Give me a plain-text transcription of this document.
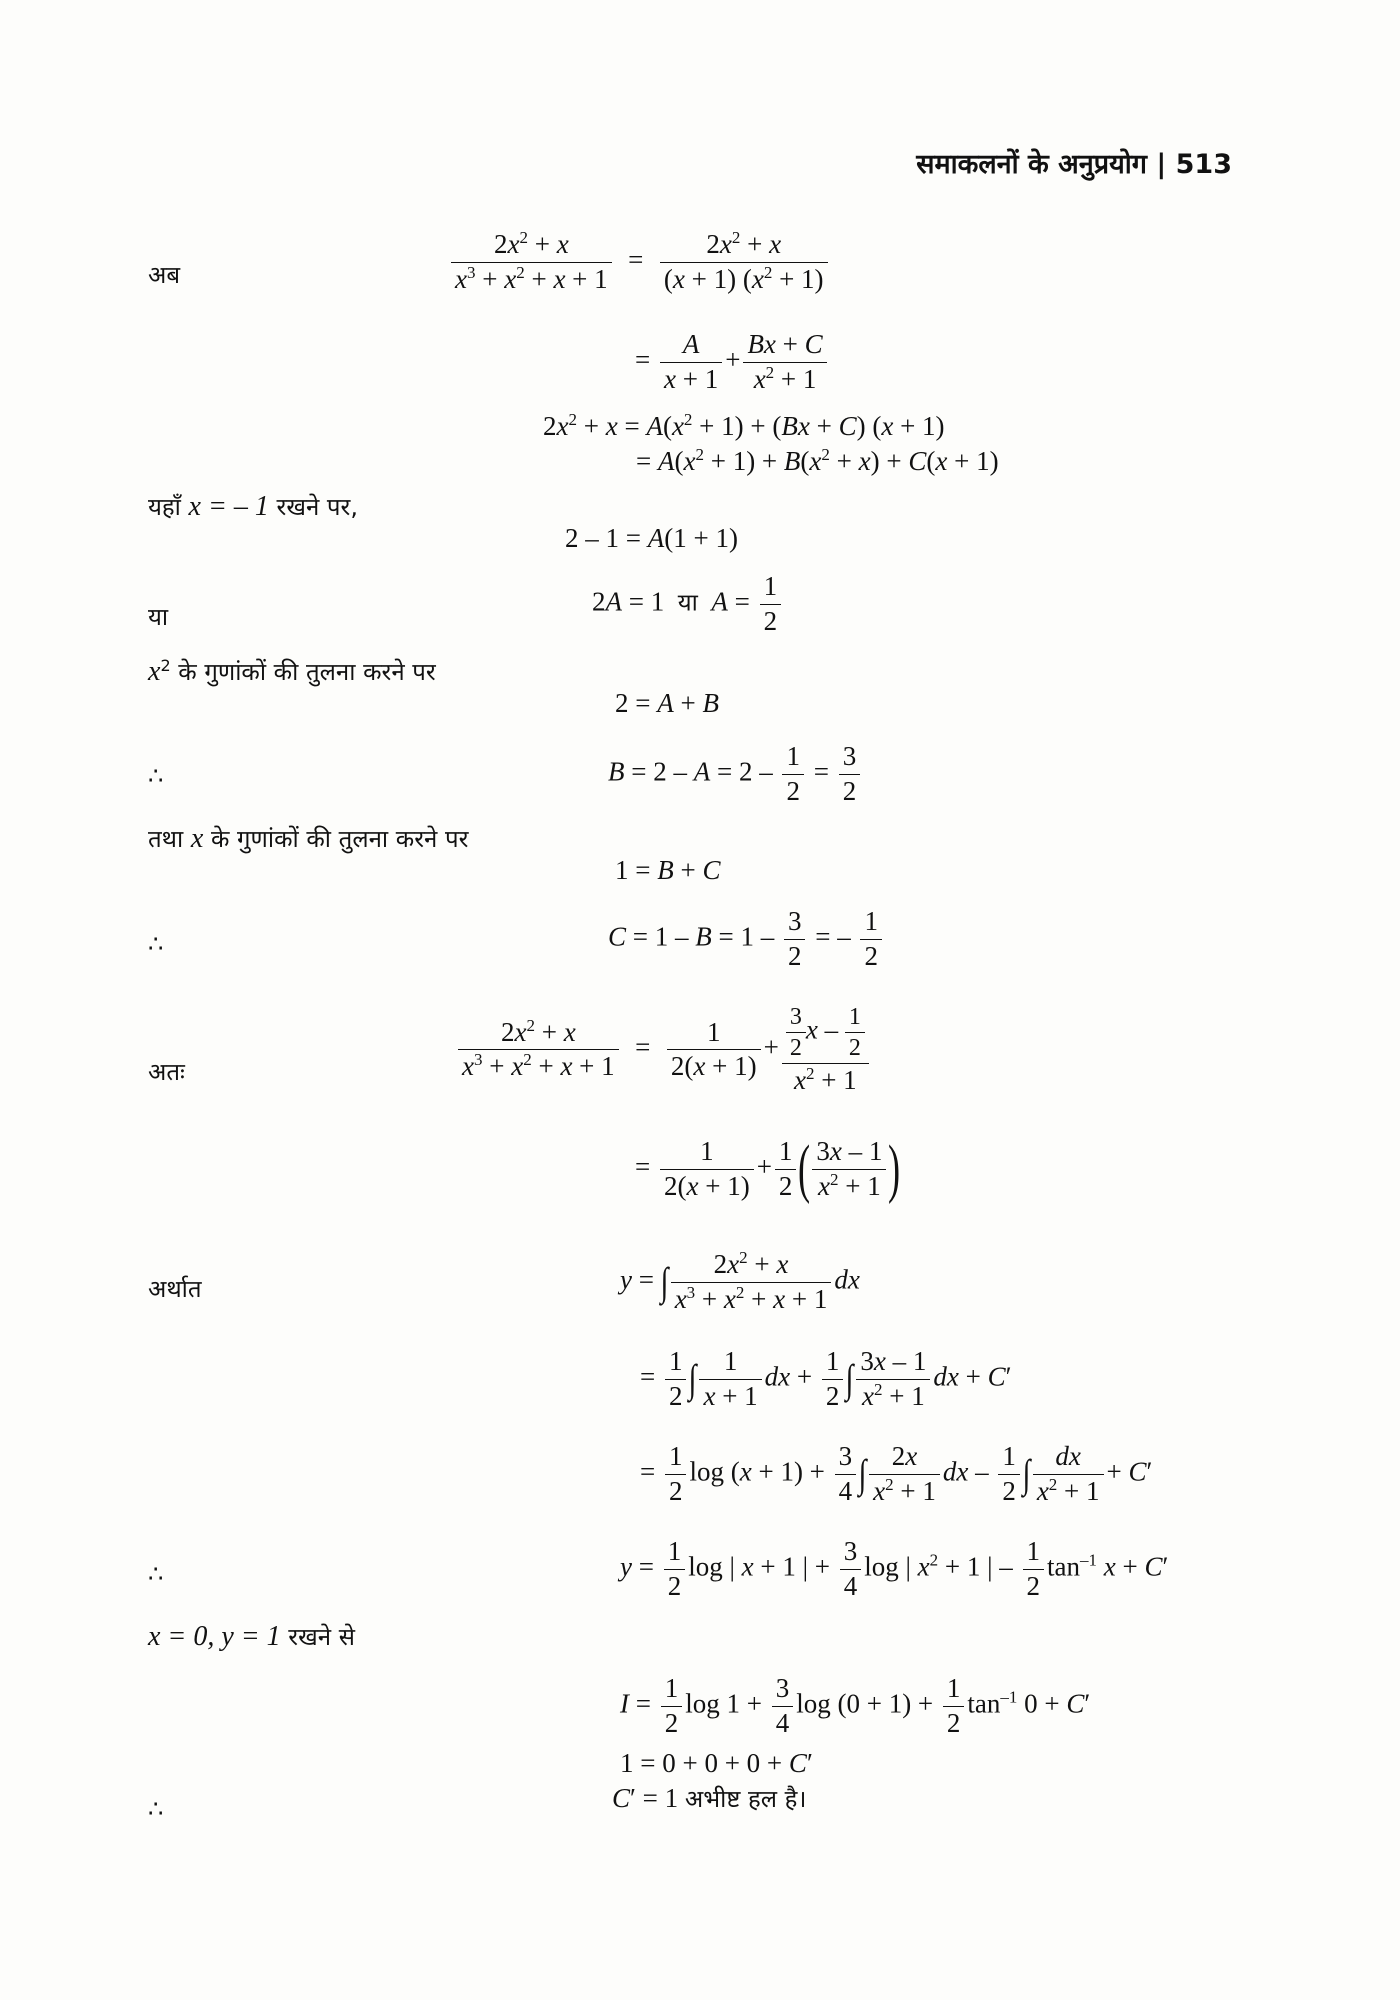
समाकलनों के अनुप्रयोग | 513
अब	$\frac{2x^2 + x}{x^3 + x^2 + x + 1} = \frac{2x^2 + x}{(x + 1) (x^2 + 1)}$
= $\frac{A}{x + 1} + \frac{Bx + C}{x^2 + 1}$
$2x^2 + x = A(x^2 + 1) + (Bx + C) (x + 1)$
= $A(x^2 + 1) + B(x^2 + x) + C(x + 1)$
यहाँ x = – 1 रखने पर,
2 – 1 = A(1 + 1)
या
2A = 1  या $A = \frac{1}{2}$
$x^2$ के गुणांकों की तुलना करने पर
2 = A + B
∴	$B = 2 - A = 2 - \frac{1}{2} = \frac{3}{2}$
तथा x के गुणांकों की तुलना करने पर
1 = B + C
∴	$C = 1 - B = 1 - \frac{3}{2}$ = – $\frac{1}{2}$
अतः	$\frac{2x^2 + x}{x^3 + x^2 + x + 1} = \frac{1}{2(x + 1)} + \frac{\frac{3}{2} x - \frac{1}{2}}{x^2 + 1}$
= $\frac{1}{2(x + 1)} + \frac{1}{2}$ ( $\frac{3x - 1}{x^2 + 1}$ )
अर्थात	y = ∫ $\frac{2x^2 + x}{x^3 + x^2 + x + 1}$ dx
= $\frac{1}{2}$ ∫ $\frac{1}{x + 1}$ dx + $\frac{1}{2}$ ∫ $\frac{3x - 1}{x^2 + 1}$ dx + C′
= $\frac{1}{2}$ $\log (x + 1) + \frac{3}{4}$ ∫ $\frac{2x}{x^2 + 1}$ dx – $\frac{1}{2}$ ∫ $\frac{dx}{x^2 + 1} + C'$
∴	$y = \frac{1}{2}$ log | x + 1 | + $\frac{3}{4}$ log | $x^2 + 1$ | – $\frac{1}{2} \tan^{-1} x + C'$
x = 0, y = 1 रखने से
$I = \frac{1}{2}$ $\log 1 + \frac{3}{4}$ $\log (0 + 1) + \frac{1}{2} \tan^{-1} 0 + C'$
1 = 0 + 0 + 0 + C′
∴	C′ = 1 अभीष्ट हल है।
